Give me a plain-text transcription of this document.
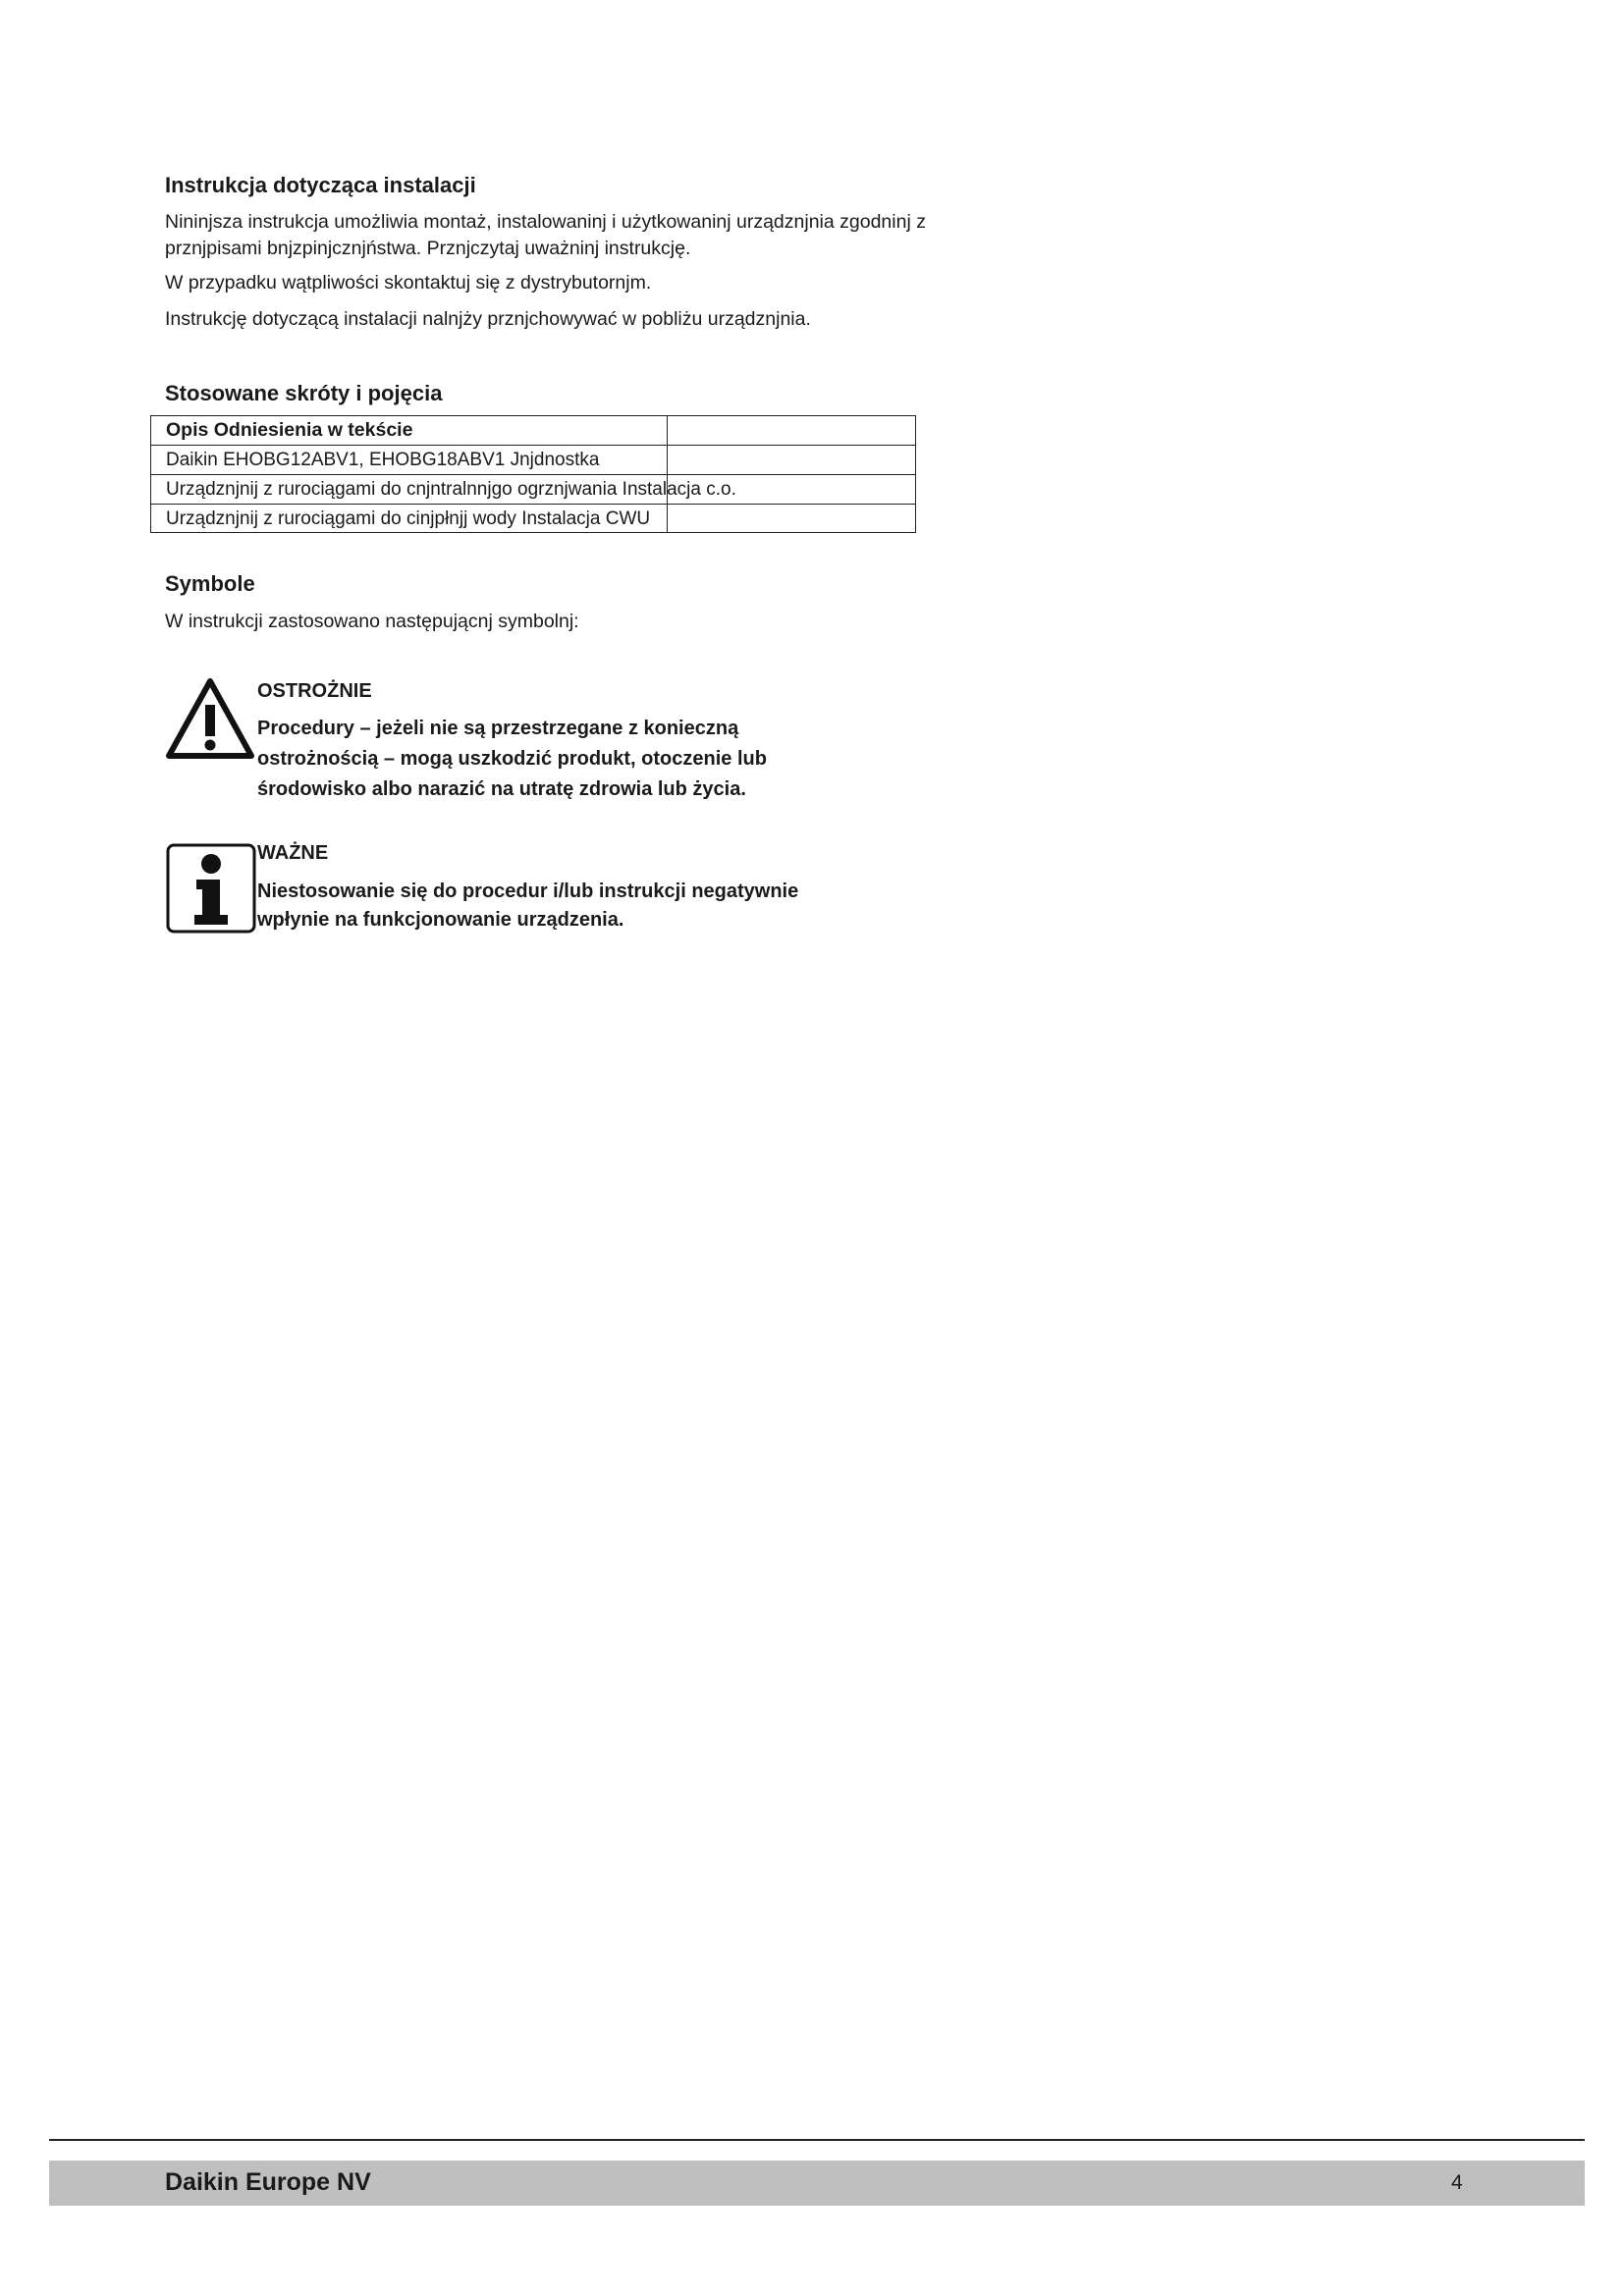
Instrukcja dotycząca instalacji

Nininjsza instrukcja umożliwia montaż, instalowaninj i użytkowaninj urządznjnia zgodninj z

prznjpisami bnjzpinjcznjństwa. Prznjczytaj uważninj instrukcję.

W przypadku wątpliwości skontaktuj się z dystrybutornjm.

Instrukcję dotyczącą instalacji nalnjży prznjchowywać w pobliżu urządznjnia.

Stosowane skróty i pojęcia
Opis Odniesienia w tekście
Daikin EHOBG12ABV1, EHOBG18ABV1 Jnjdnostka
Urządznjnij z rurociągami do cnjntralnnjgo ogrznjwania Instalacja c.o.
Urządznjnij z rurociągami do cinjpłnjj wody Instalacja CWU
Symbole

W instrukcji zastosowano następującnj symbolnj:

OSTROŻNIE

Procedury – jeżeli nie są przestrzegane z konieczną

ostrożnością – mogą uszkodzić produkt, otoczenie lub

środowisko albo narazić na utratę zdrowia lub życia.

WAŻNE

Niestosowanie się do procedur i/lub instrukcji negatywnie

wpłynie na funkcjonowanie urządzenia.

Daikin Europe NV	4
